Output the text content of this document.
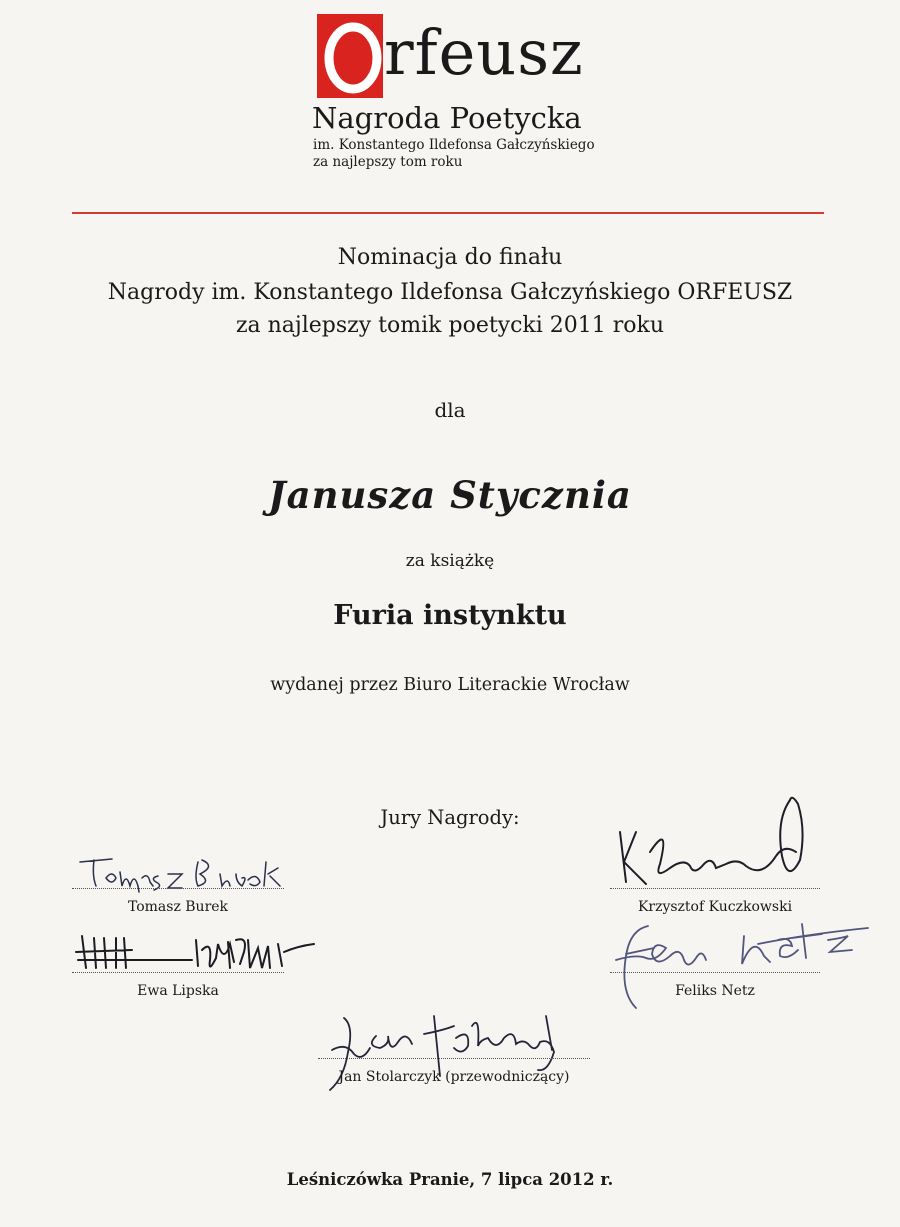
rfeusz
Nagroda Poetycka
im. Konstantego Ildefonsa Gałczyńskiego
za najlepszy tom roku
Nominacja do finału
Nagrody im. Konstantego Ildefonsa Gałczyńskiego ORFEUSZ
za najlepszy tomik poetycki 2011 roku
dla
Janusza Stycznia
za książkę
Furia instynktu
wydanej przez Biuro Literackie Wrocław
Jury Nagrody:
Tomasz Burek	Krzysztof Kuczkowski
Ewa Lipska	Feliks Netz
Jan Stolarczyk (przewodniczący)
Leśniczówka Pranie, 7 lipca 2012 r.
